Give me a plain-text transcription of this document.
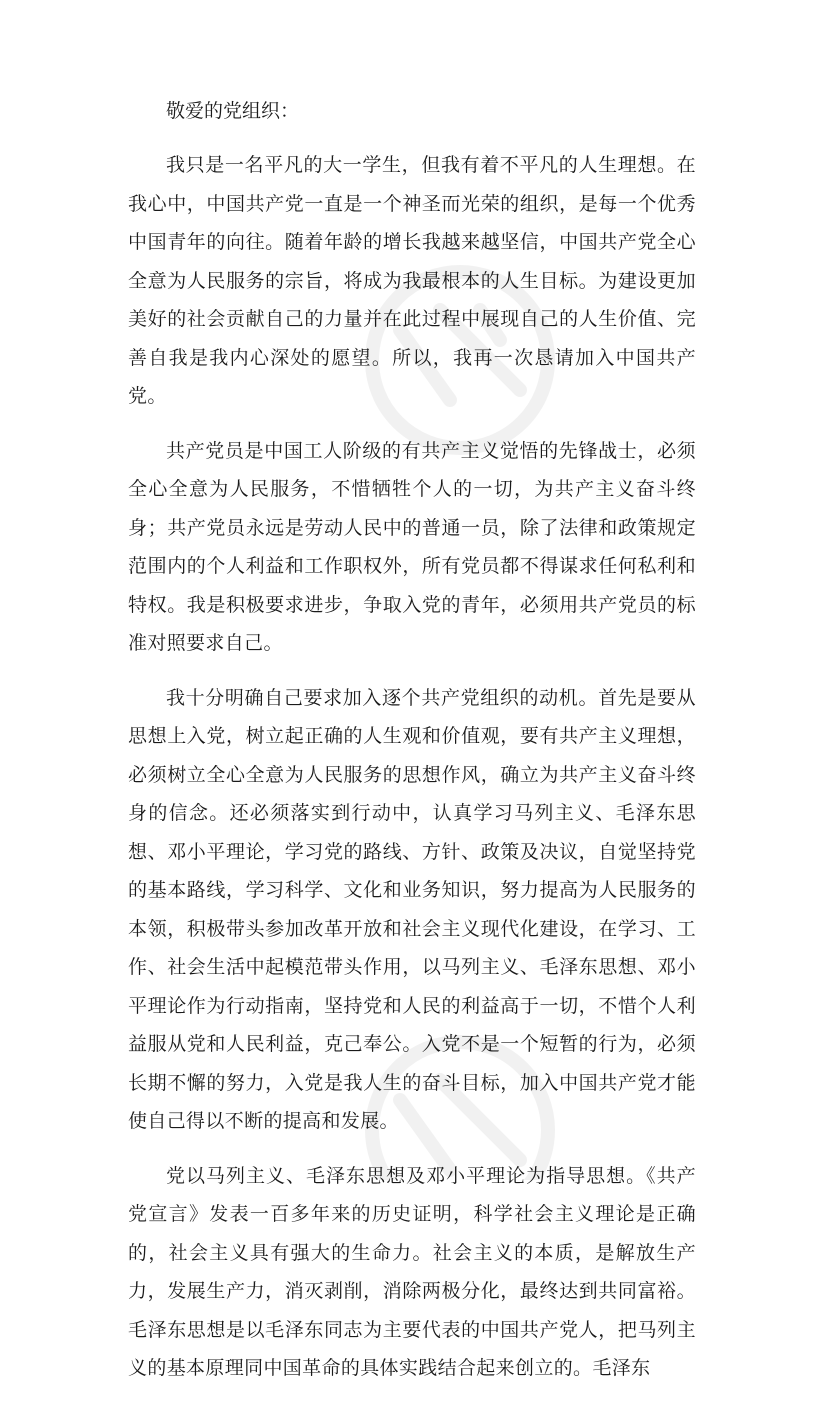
敬爱的党组织：

我只是一名平凡的大一学生，但我有着不平凡的人生理想。在我心中，中国共产党一直是一个神圣而光荣的组织，是每一个优秀中国青年的向往。随着年龄的增长我越来越坚信，中国共产党全心全意为人民服务的宗旨，将成为我最根本的人生目标。为建设更加美好的社会贡献自己的力量并在此过程中展现自己的人生价值、完善自我是我内心深处的愿望。所以，我再一次恳请加入中国共产党。

共产党员是中国工人阶级的有共产主义觉悟的先锋战士，必须全心全意为人民服务，不惜牺牲个人的一切，为共产主义奋斗终身；共产党员永远是劳动人民中的普通一员，除了法律和政策规定范围内的个人利益和工作职权外，所有党员都不得谋求任何私利和特权。我是积极要求进步，争取入党的青年，必须用共产党员的标准对照要求自己。

我十分明确自己要求加入逐个共产党组织的动机。首先是要从思想上入党，树立起正确的人生观和价值观，要有共产主义理想，必须树立全心全意为人民服务的思想作风，确立为共产主义奋斗终身的信念。还必须落实到行动中，认真学习马列主义、毛泽东思想、邓小平理论，学习党的路线、方针、政策及决议，自觉坚持党的基本路线，学习科学、文化和业务知识，努力提高为人民服务的本领，积极带头参加改革开放和社会主义现代化建设，在学习、工作、社会生活中起模范带头作用，以马列主义、毛泽东思想、邓小平理论作为行动指南，坚持党和人民的利益高于一切，不惜个人利益服从党和人民利益，克己奉公。入党不是一个短暂的行为，必须长期不懈的努力，入党是我人生的奋斗目标，加入中国共产党才能使自己得以不断的提高和发展。

党以马列主义、毛泽东思想及邓小平理论为指导思想。《共产党宣言》发表一百多年来的历史证明，科学社会主义理论是正确的，社会主义具有强大的生命力。社会主义的本质，是解放生产力，发展生产力，消灭剥削，消除两极分化，最终达到共同富裕。毛泽东思想是以毛泽东同志为主要代表的中国共产党人，把马列主义的基本原理同中国革命的具体实践结合起来创立的。毛泽东
